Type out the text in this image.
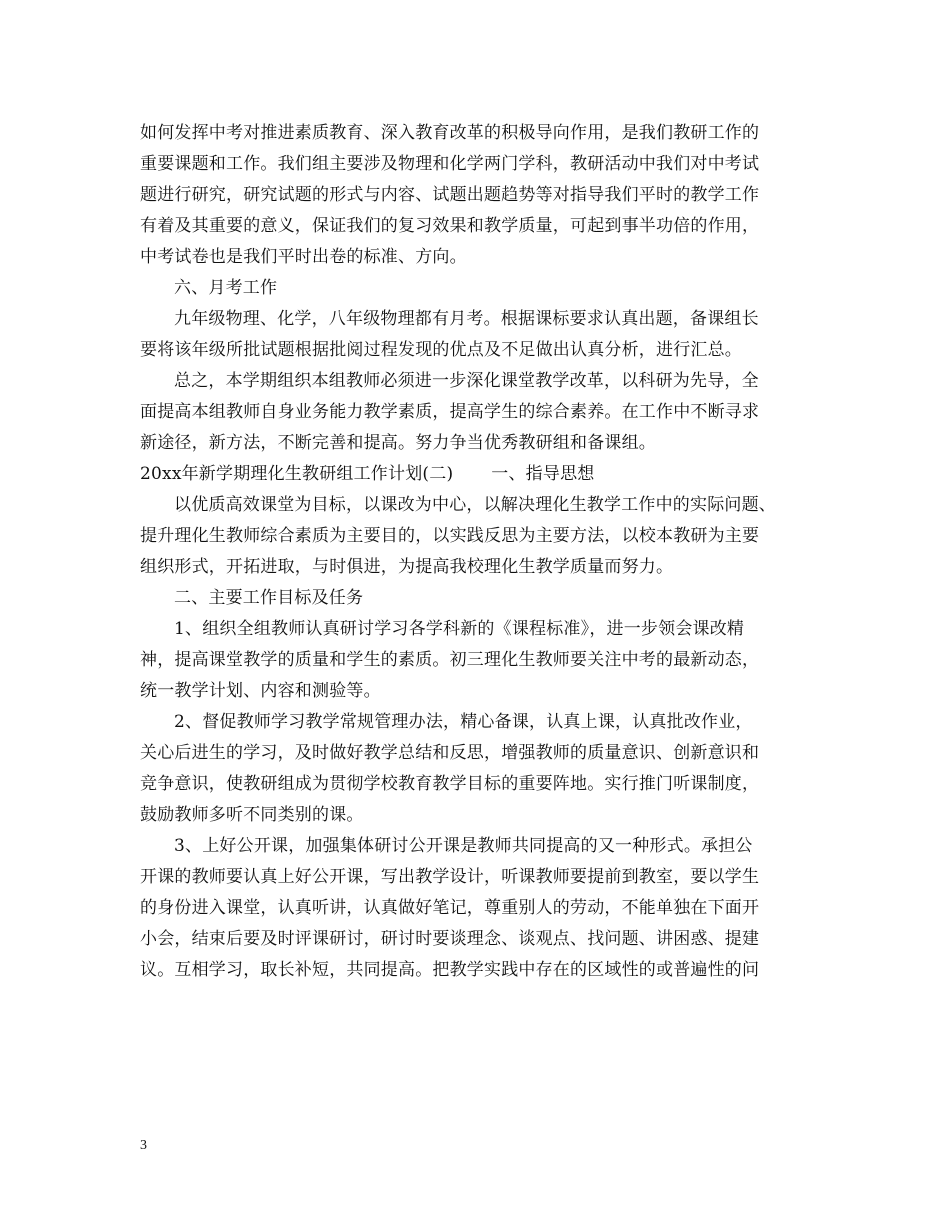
如何发挥中考对推进素质教育、深入教育改革的积极导向作用，是我们教研工作的
重要课题和工作。我们组主要涉及物理和化学两门学科，教研活动中我们对中考试
题进行研究，研究试题的形式与内容、试题出题趋势等对指导我们平时的教学工作
有着及其重要的意义，保证我们的复习效果和教学质量，可起到事半功倍的作用，
中考试卷也是我们平时出卷的标准、方向。
六、月考工作
九年级物理、化学，八年级物理都有月考。根据课标要求认真出题，备课组长
要将该年级所批试题根据批阅过程发现的优点及不足做出认真分析，进行汇总。
总之，本学期组织本组教师必须进一步深化课堂教学改革，以科研为先导，全
面提高本组教师自身业务能力教学素质，提高学生的综合素养。在工作中不断寻求
新途径，新方法，不断完善和提高。努力争当优秀教研组和备课组。
20xx年新学期理化生教研组工作计划(二) 一、指导思想
以优质高效课堂为目标，以课改为中心，以解决理化生教学工作中的实际问题、
提升理化生教师综合素质为主要目的，以实践反思为主要方法，以校本教研为主要
组织形式，开拓进取，与时俱进，为提高我校理化生教学质量而努力。
二、主要工作目标及任务
1、组织全组教师认真研讨学习各学科新的《课程标准》，进一步领会课改精
神，提高课堂教学的质量和学生的素质。初三理化生教师要关注中考的最新动态，
统一教学计划、内容和测验等。
2、督促教师学习教学常规管理办法，精心备课，认真上课，认真批改作业，
关心后进生的学习，及时做好教学总结和反思，增强教师的质量意识、创新意识和
竞争意识，使教研组成为贯彻学校教育教学目标的重要阵地。实行推门听课制度，
鼓励教师多听不同类别的课。
3、上好公开课，加强集体研讨公开课是教师共同提高的又一种形式。承担公
开课的教师要认真上好公开课，写出教学设计，听课教师要提前到教室，要以学生
的身份进入课堂，认真听讲，认真做好笔记，尊重别人的劳动，不能单独在下面开
小会，结束后要及时评课研讨，研讨时要谈理念、谈观点、找问题、讲困惑、提建
议。互相学习，取长补短，共同提高。把教学实践中存在的区域性的或普遍性的问
3
